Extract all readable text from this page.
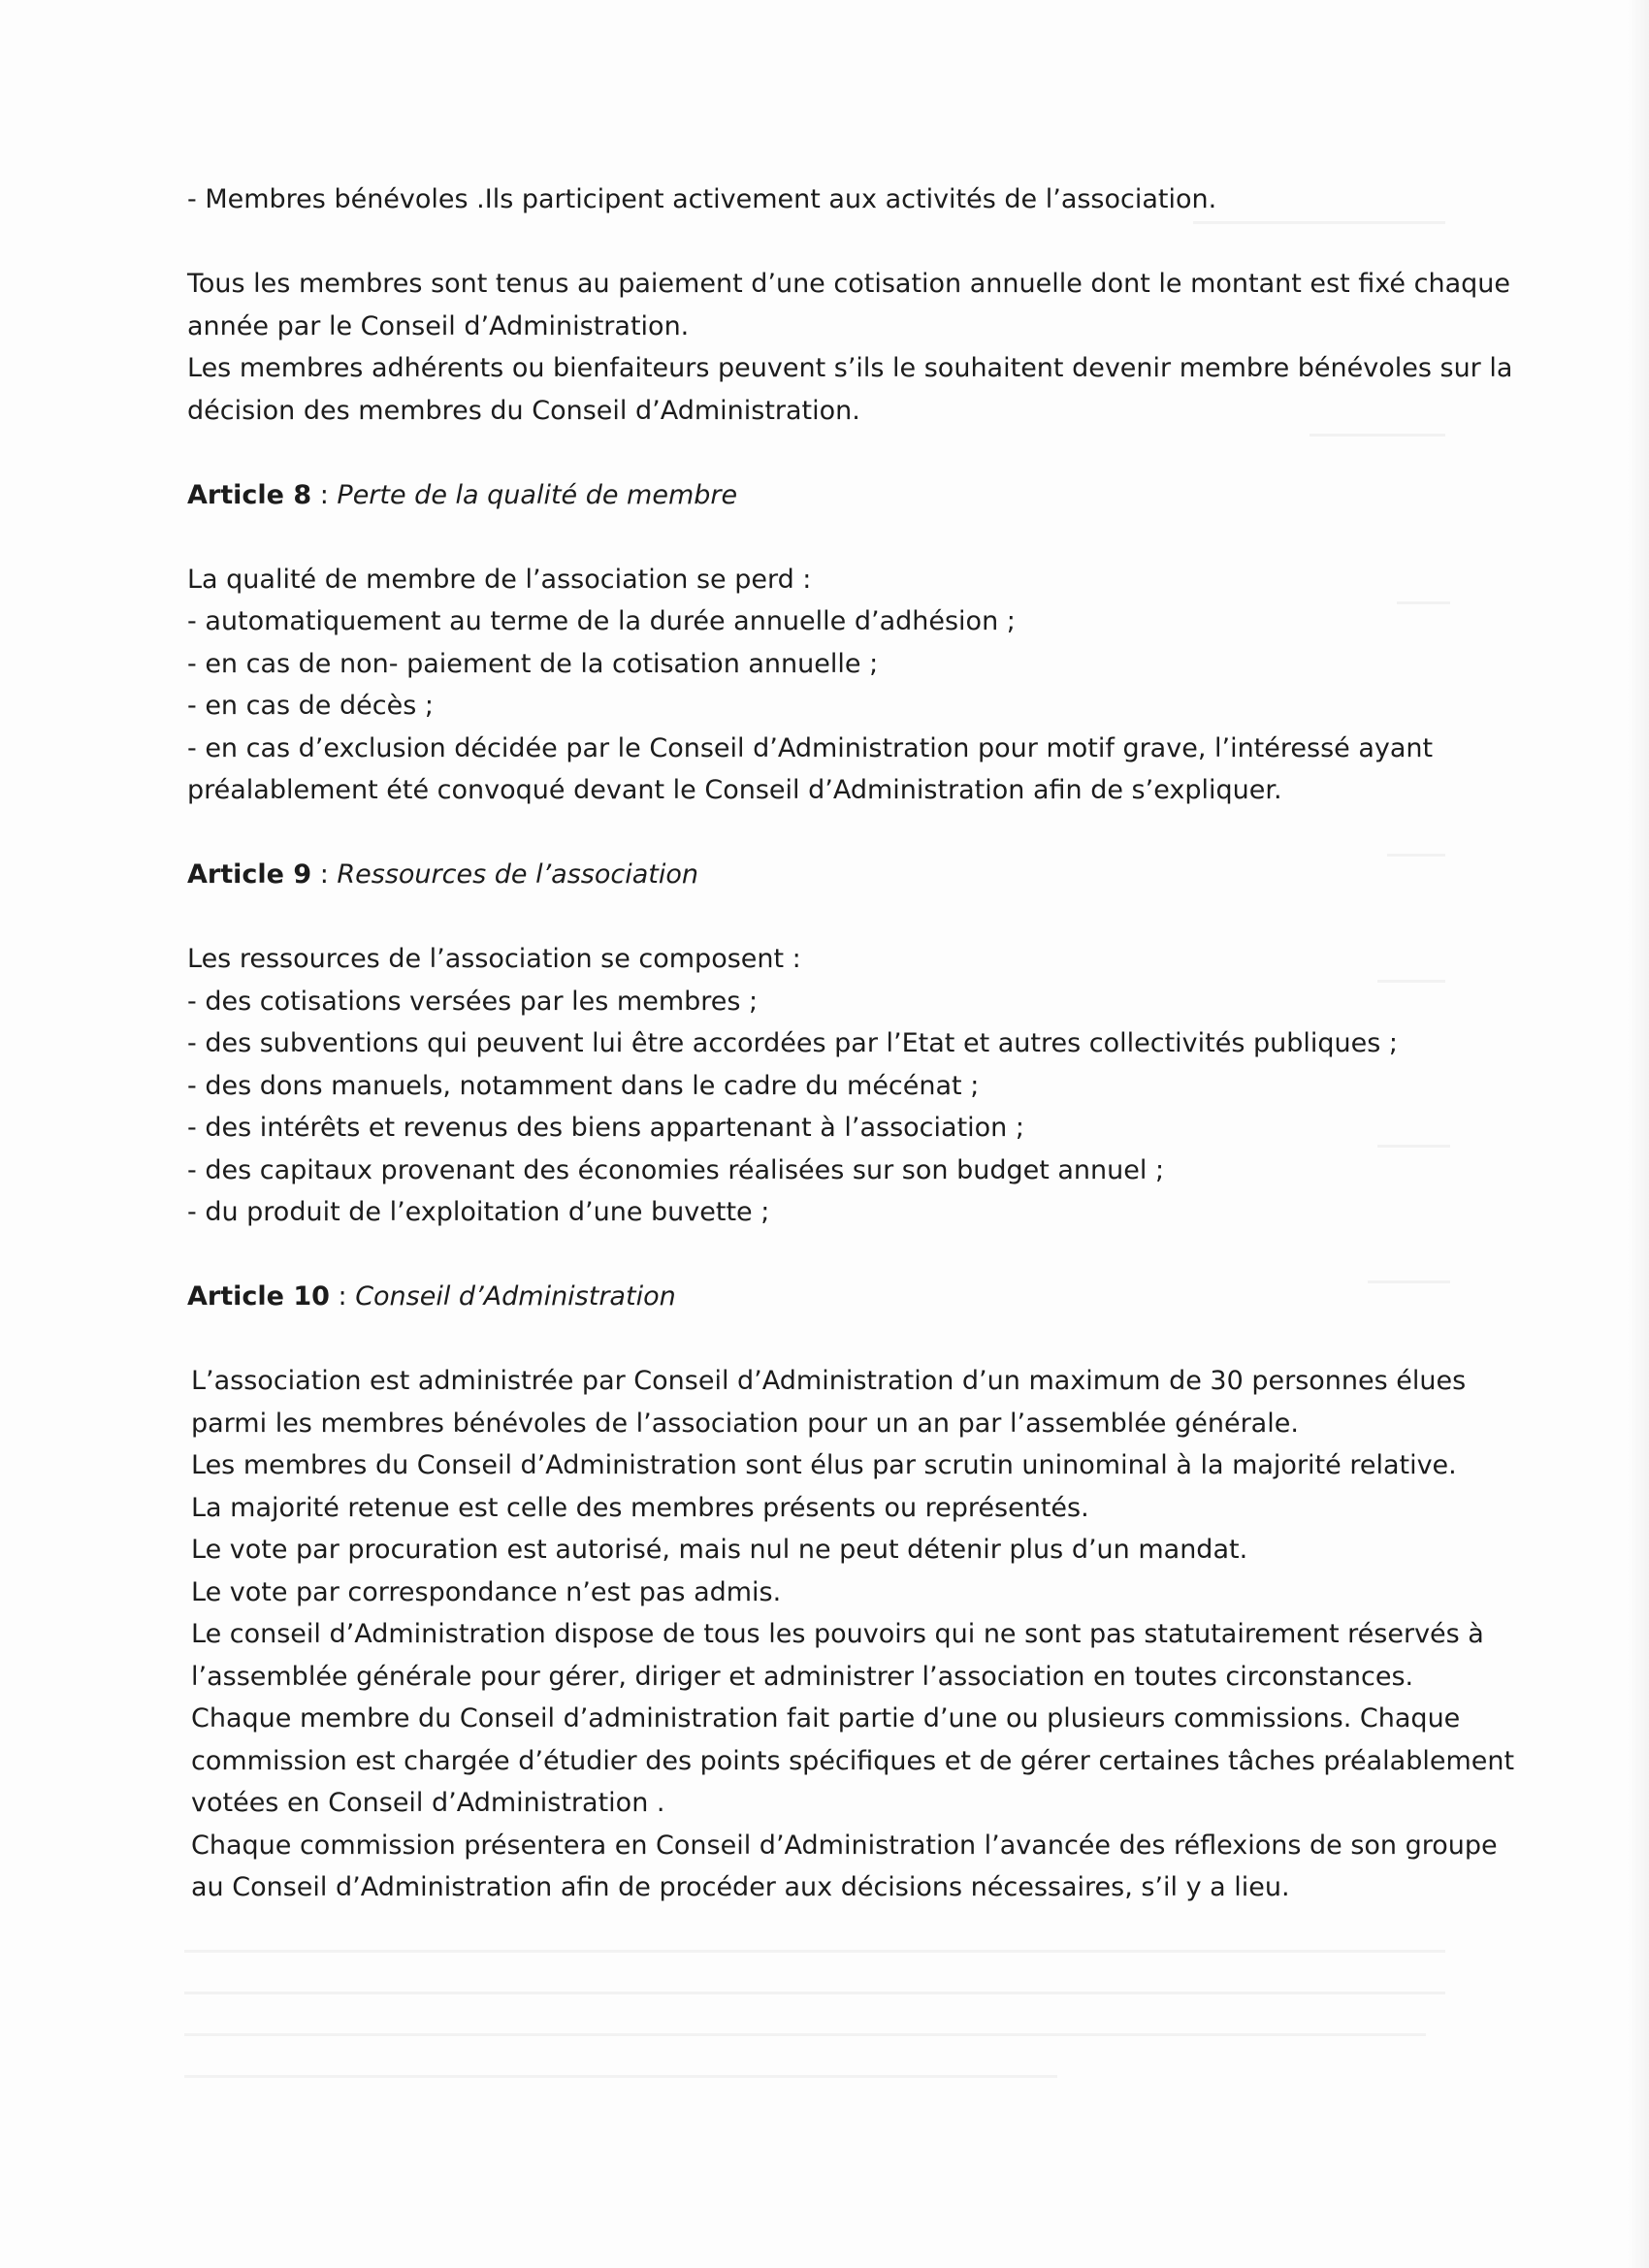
- Membres bénévoles .Ils participent activement aux activités de l’association.

Tous les membres sont tenus au paiement d’une cotisation annuelle dont le montant est fixé chaque

année par le Conseil d’Administration.

Les membres adhérents ou bienfaiteurs peuvent s’ils le souhaitent devenir membre bénévoles sur la

décision des membres du Conseil d’Administration.

Article 8 : Perte de la qualité de membre

La qualité de membre de l’association se perd :

- automatiquement au terme de la durée annuelle d’adhésion ;

- en cas de non- paiement de la cotisation annuelle ;

- en cas de décès ;

- en cas d’exclusion décidée par le Conseil d’Administration pour motif grave, l’intéressé ayant

préalablement été convoqué devant le Conseil d’Administration afin de s’expliquer.

Article 9 : Ressources de l’association

Les ressources de l’association se composent :

- des cotisations versées par les membres ;

- des subventions qui peuvent lui être accordées par l’Etat et autres collectivités publiques ;

- des dons manuels, notamment dans le cadre du mécénat ;

- des intérêts et revenus des biens appartenant à l’association ;

- des capitaux provenant des économies réalisées sur son budget annuel ;

- du produit de l’exploitation d’une buvette ;

Article 10 : Conseil d’Administration

L’association est administrée par Conseil d’Administration d’un maximum de 30 personnes élues

parmi les membres bénévoles de l’association pour un an par l’assemblée générale.

Les membres du Conseil d’Administration sont élus par scrutin uninominal à la majorité relative.

La majorité retenue est celle des membres présents ou représentés.

Le vote par procuration est autorisé, mais nul ne peut détenir plus d’un mandat.

Le vote par correspondance n’est pas admis.

Le conseil d’Administration dispose de tous les pouvoirs qui ne sont pas statutairement réservés à

l’assemblée générale pour gérer, diriger et administrer l’association en toutes circonstances.

Chaque membre du Conseil d’administration fait partie d’une ou plusieurs commissions. Chaque

commission est chargée d’étudier des points spécifiques et de gérer certaines tâches préalablement

votées en Conseil d’Administration .

Chaque commission présentera en Conseil d’Administration l’avancée des réflexions de son groupe

au Conseil d’Administration afin de procéder aux décisions nécessaires, s’il y a lieu.
